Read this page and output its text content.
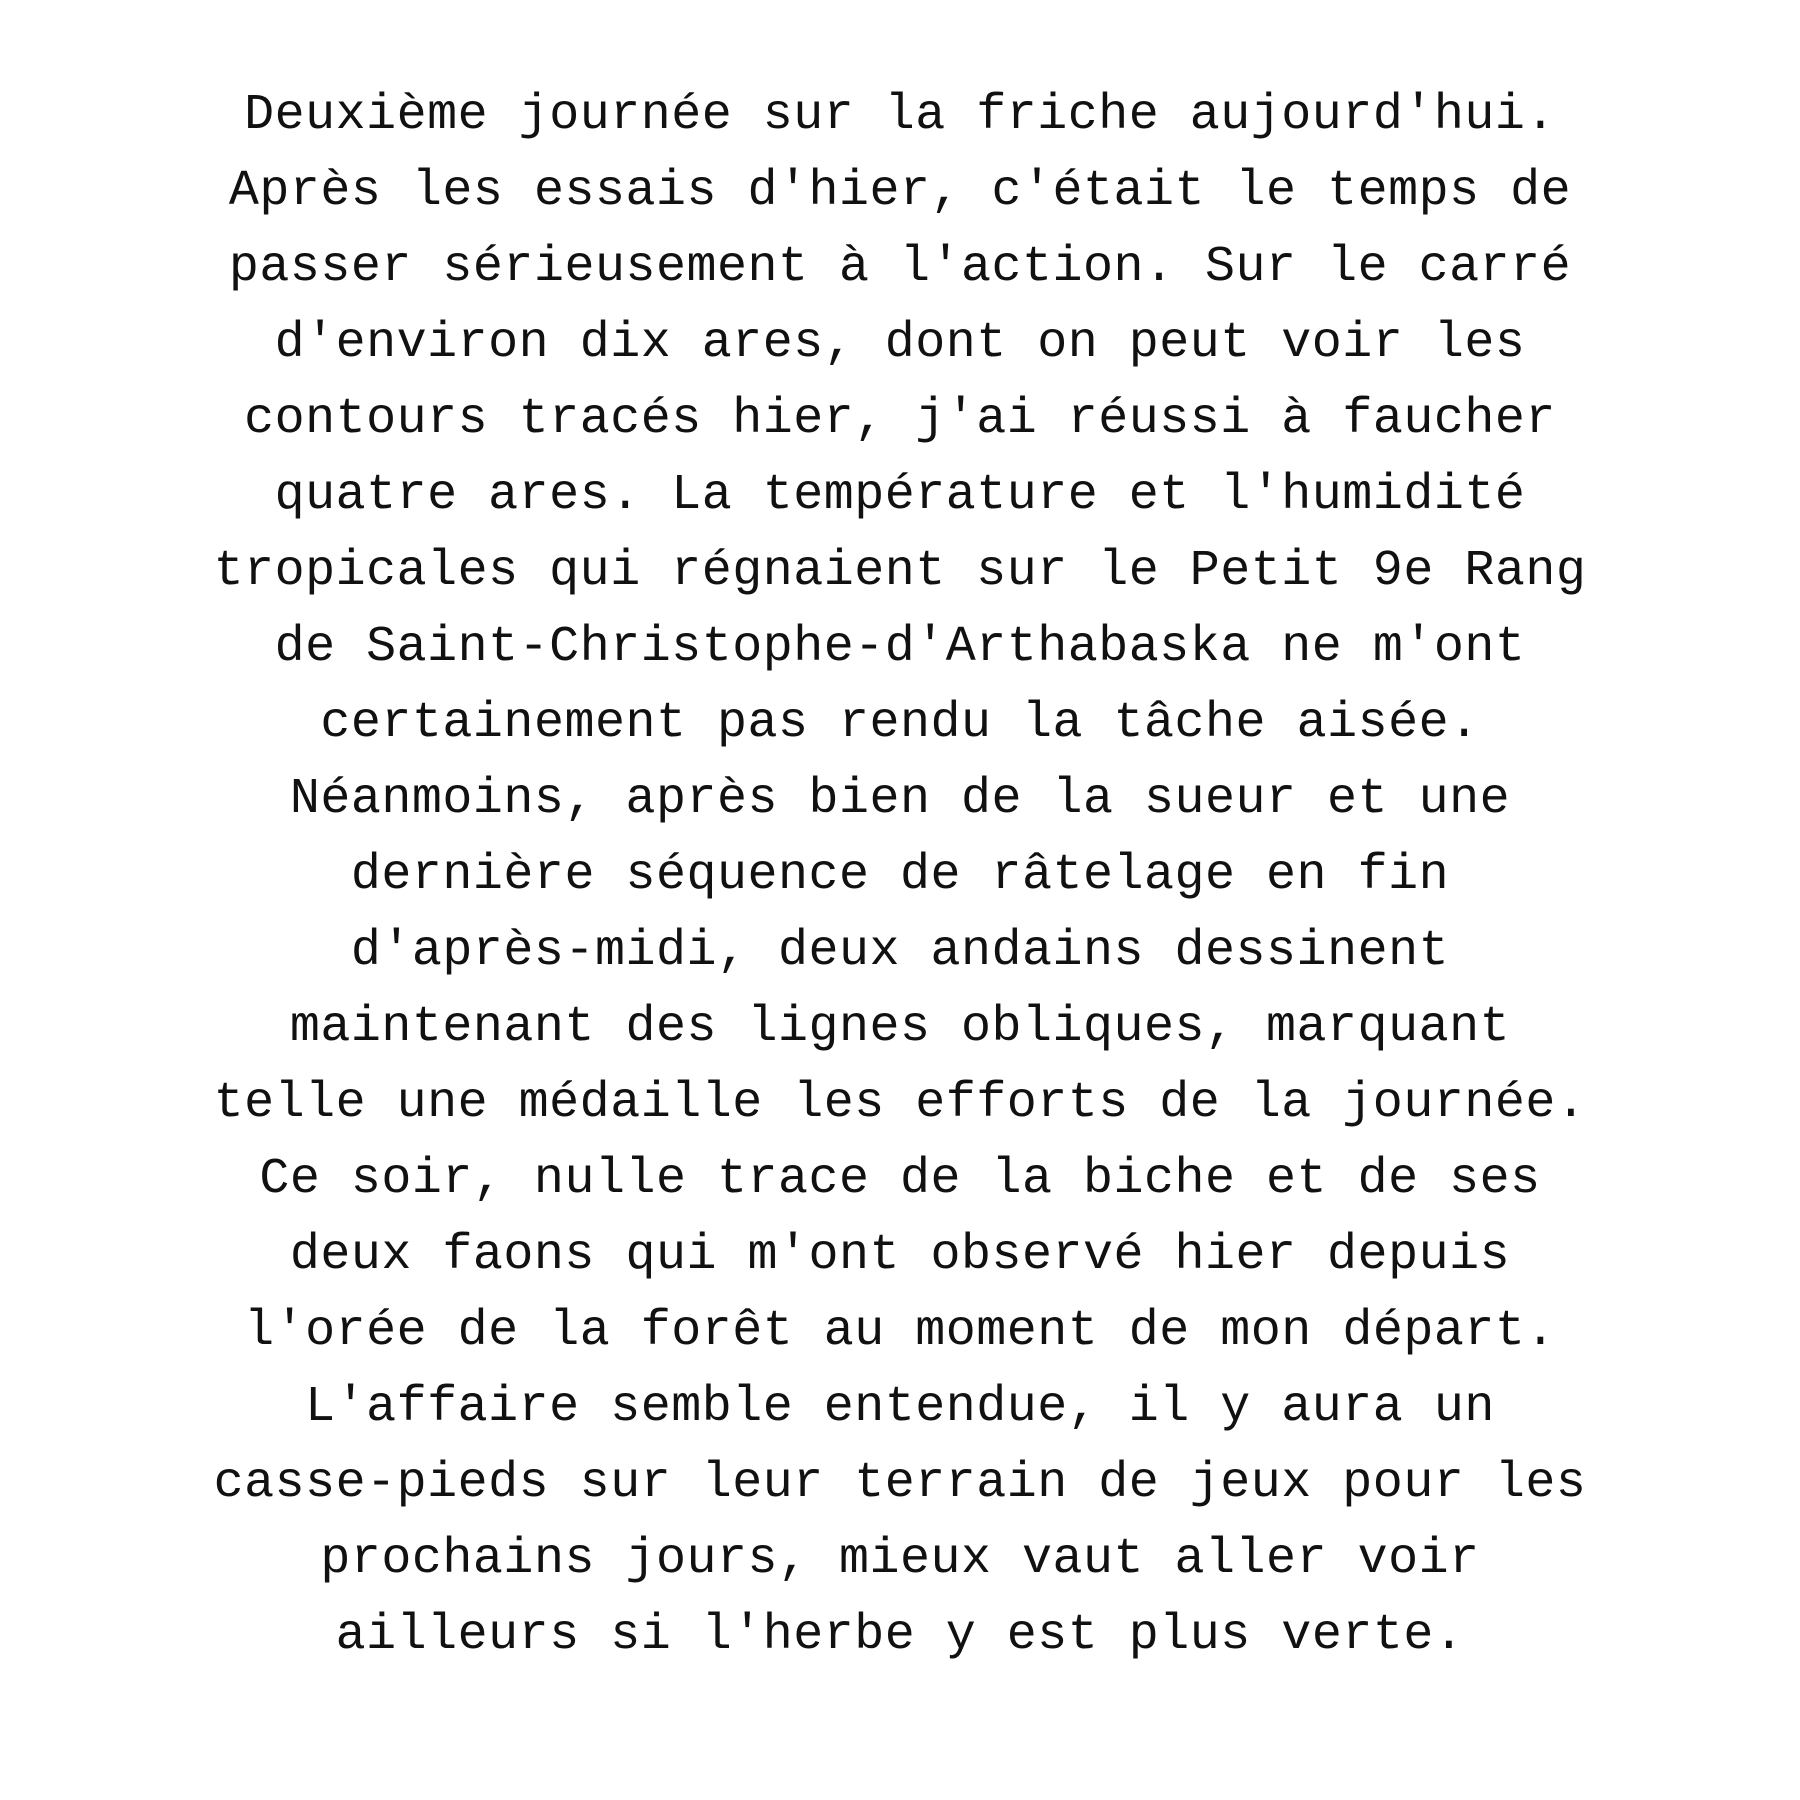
Deuxième journée sur la friche aujourd'hui.
Après les essais d'hier, c'était le temps de
passer sérieusement à l'action. Sur le carré
d'environ dix ares, dont on peut voir les
contours tracés hier, j'ai réussi à faucher
quatre ares. La température et l'humidité
tropicales qui régnaient sur le Petit 9e Rang
de Saint-Christophe-d'Arthabaska ne m'ont
certainement pas rendu la tâche aisée.
Néanmoins, après bien de la sueur et une
dernière séquence de râtelage en fin
d'après-midi, deux andains dessinent
maintenant des lignes obliques, marquant
telle une médaille les efforts de la journée.
Ce soir, nulle trace de la biche et de ses
deux faons qui m'ont observé hier depuis
l'orée de la forêt au moment de mon départ.
L'affaire semble entendue, il y aura un
casse-pieds sur leur terrain de jeux pour les
prochains jours, mieux vaut aller voir
ailleurs si l'herbe y est plus verte.
